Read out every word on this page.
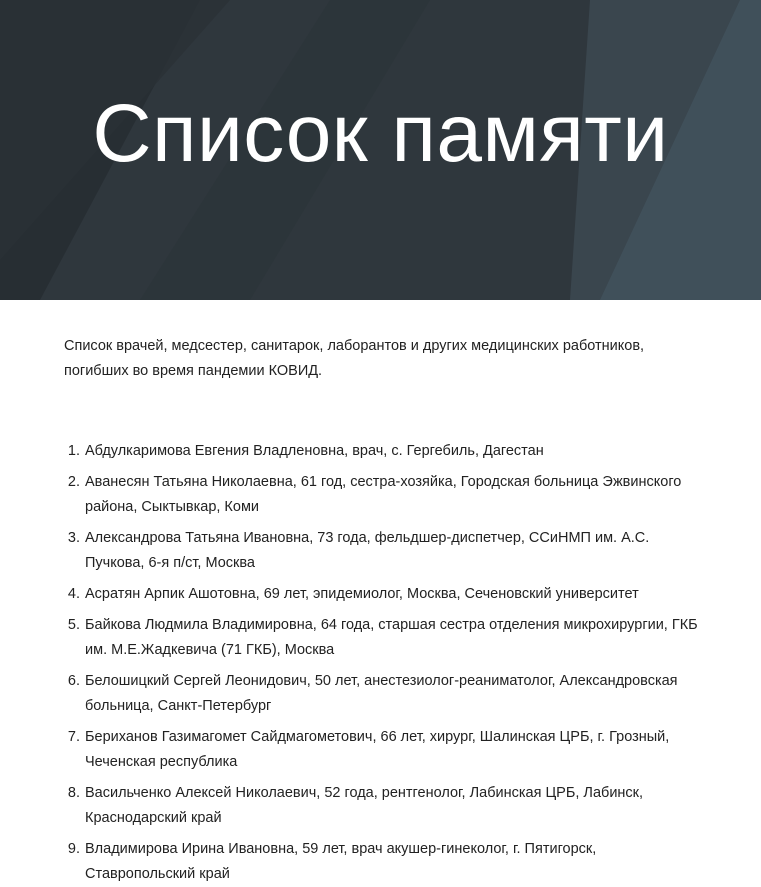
Список памяти

Список врачей, медсестер, санитарок, лаборантов и других медицинских работников, погибших во время пандемии КОВИД.

1. Абдулкаримова Евгения Владленовна, врач, с. Гергебиль, Дагестан
2. Аванесян Татьяна Николаевна, 61 год, сестра-хозяйка, Городская больница Эжвинского района, Сыктывкар, Коми
3. Александрова Татьяна Ивановна, 73 года, фельдшер-диспетчер, ССиНМП им. А.С. Пучкова, 6-я п/ст, Москва
4. Асратян Арпик Ашотовна, 69 лет, эпидемиолог, Москва, Сеченовский университет
5. Байкова Людмила Владимировна, 64 года, старшая сестра отделения микрохирургии, ГКБ им. М.Е.Жадкевича (71 ГКБ), Москва
6. Белошицкий Сергей Леонидович, 50 лет, анестезиолог-реаниматолог, Александровская больница, Санкт-Петербург
7. Бериханов Газимагомет Сайдмагометович, 66 лет, хирург, Шалинская ЦРБ, г. Грозный, Чеченская республика
8. Васильченко Алексей Николаевич, 52 года, рентгенолог, Лабинская ЦРБ, Лабинск, Краснодарский край
9. Владимирова Ирина Ивановна, 59 лет, врач акушер-гинеколог, г. Пятигорск, Ставропольский край
